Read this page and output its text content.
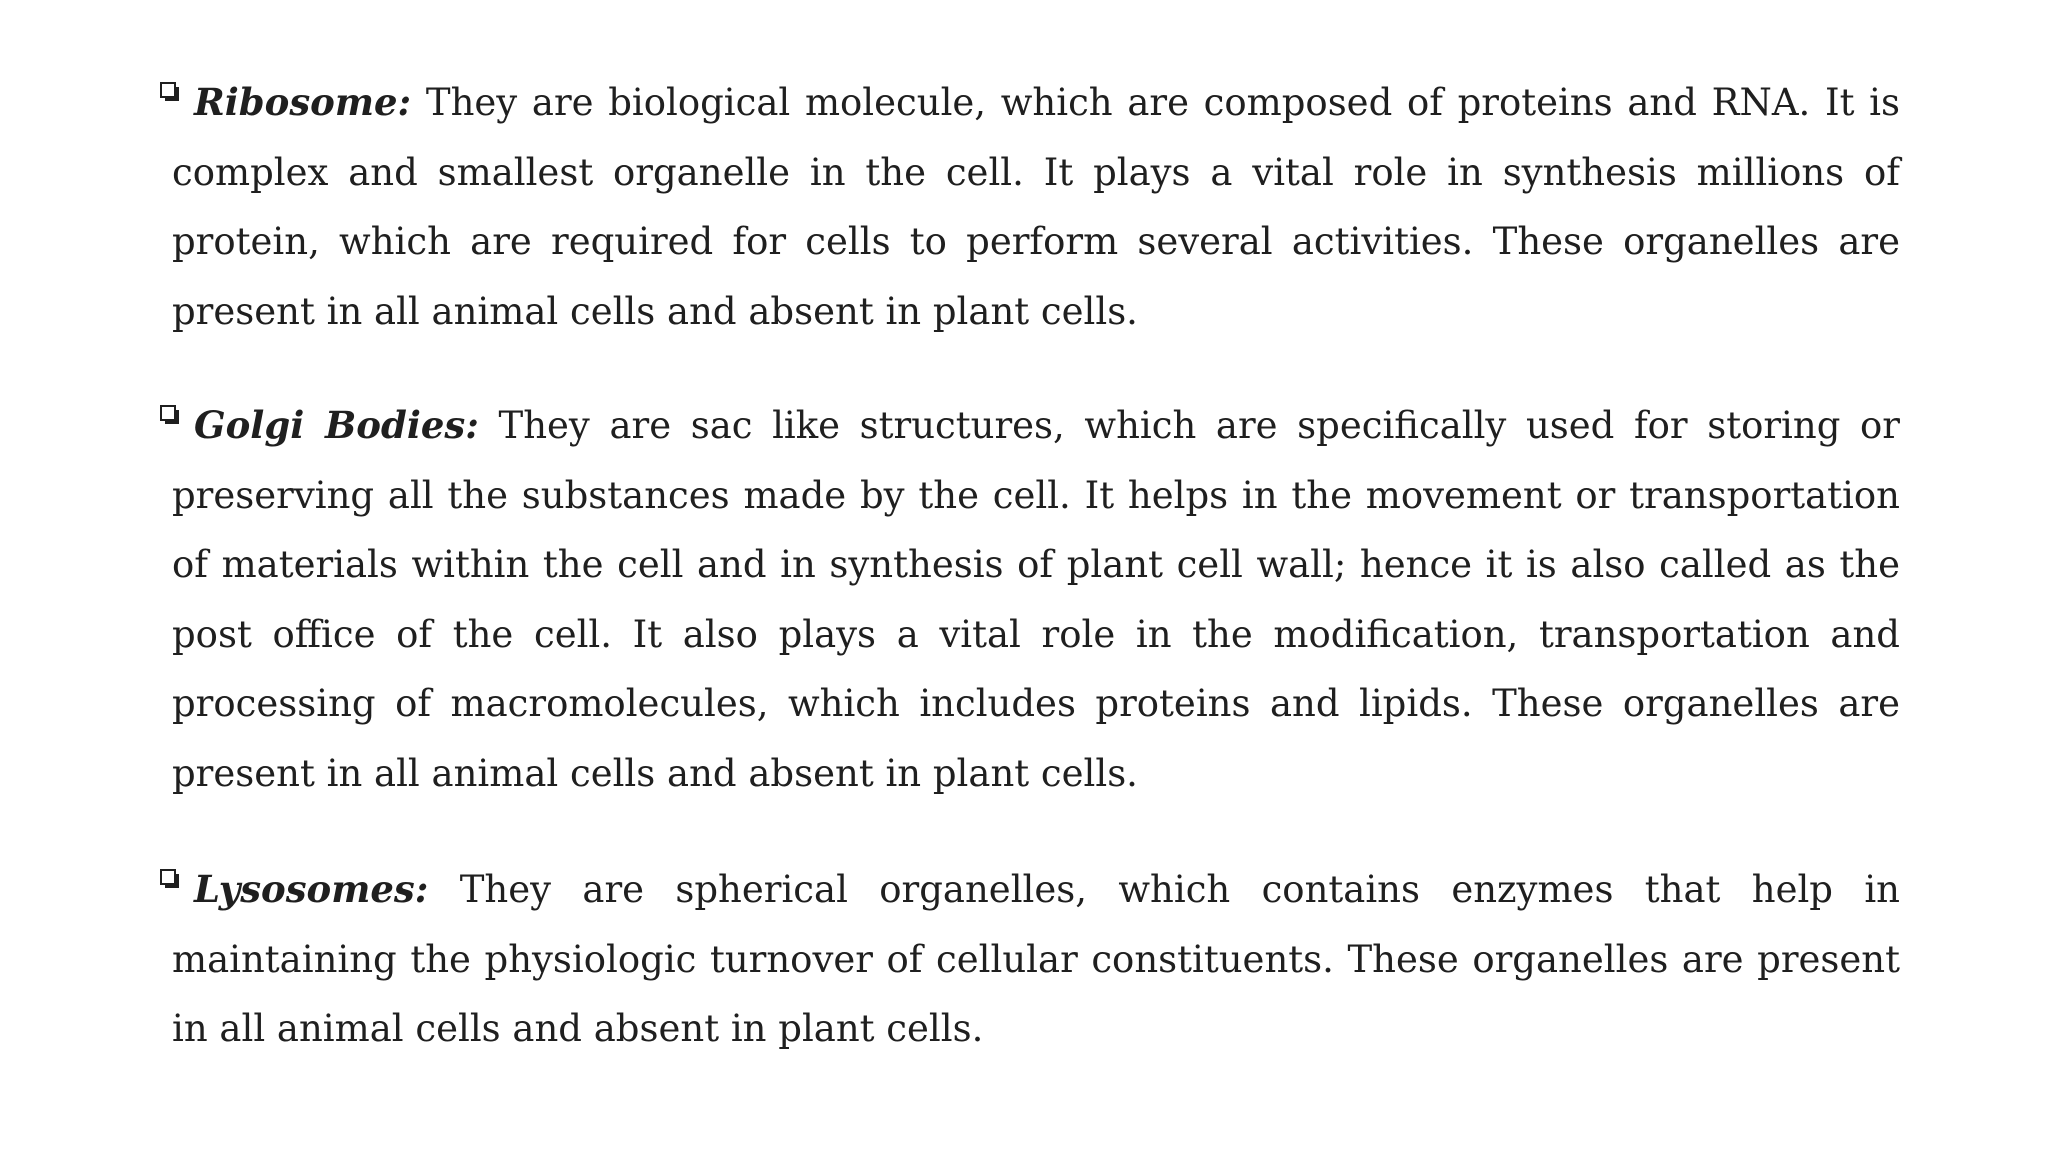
Ribosome: They are biological molecule, which are composed of proteins and RNA. It is complex and smallest organelle in the cell. It plays a vital role in synthesis millions of protein, which are required for cells to perform several activities. These organelles are present in all animal cells and absent in plant cells.
Golgi Bodies: They are sac like structures, which are specifically used for storing or preserving all the substances made by the cell. It helps in the movement or transportation of materials within the cell and in synthesis of plant cell wall; hence it is also called as the post office of the cell. It also plays a vital role in the modification, transportation and processing of macromolecules, which includes proteins and lipids. These organelles are present in all animal cells and absent in plant cells.
Lysosomes: They are spherical organelles, which contains enzymes that help in maintaining the physiologic turnover of cellular constituents. These organelles are present in all animal cells and absent in plant cells.
